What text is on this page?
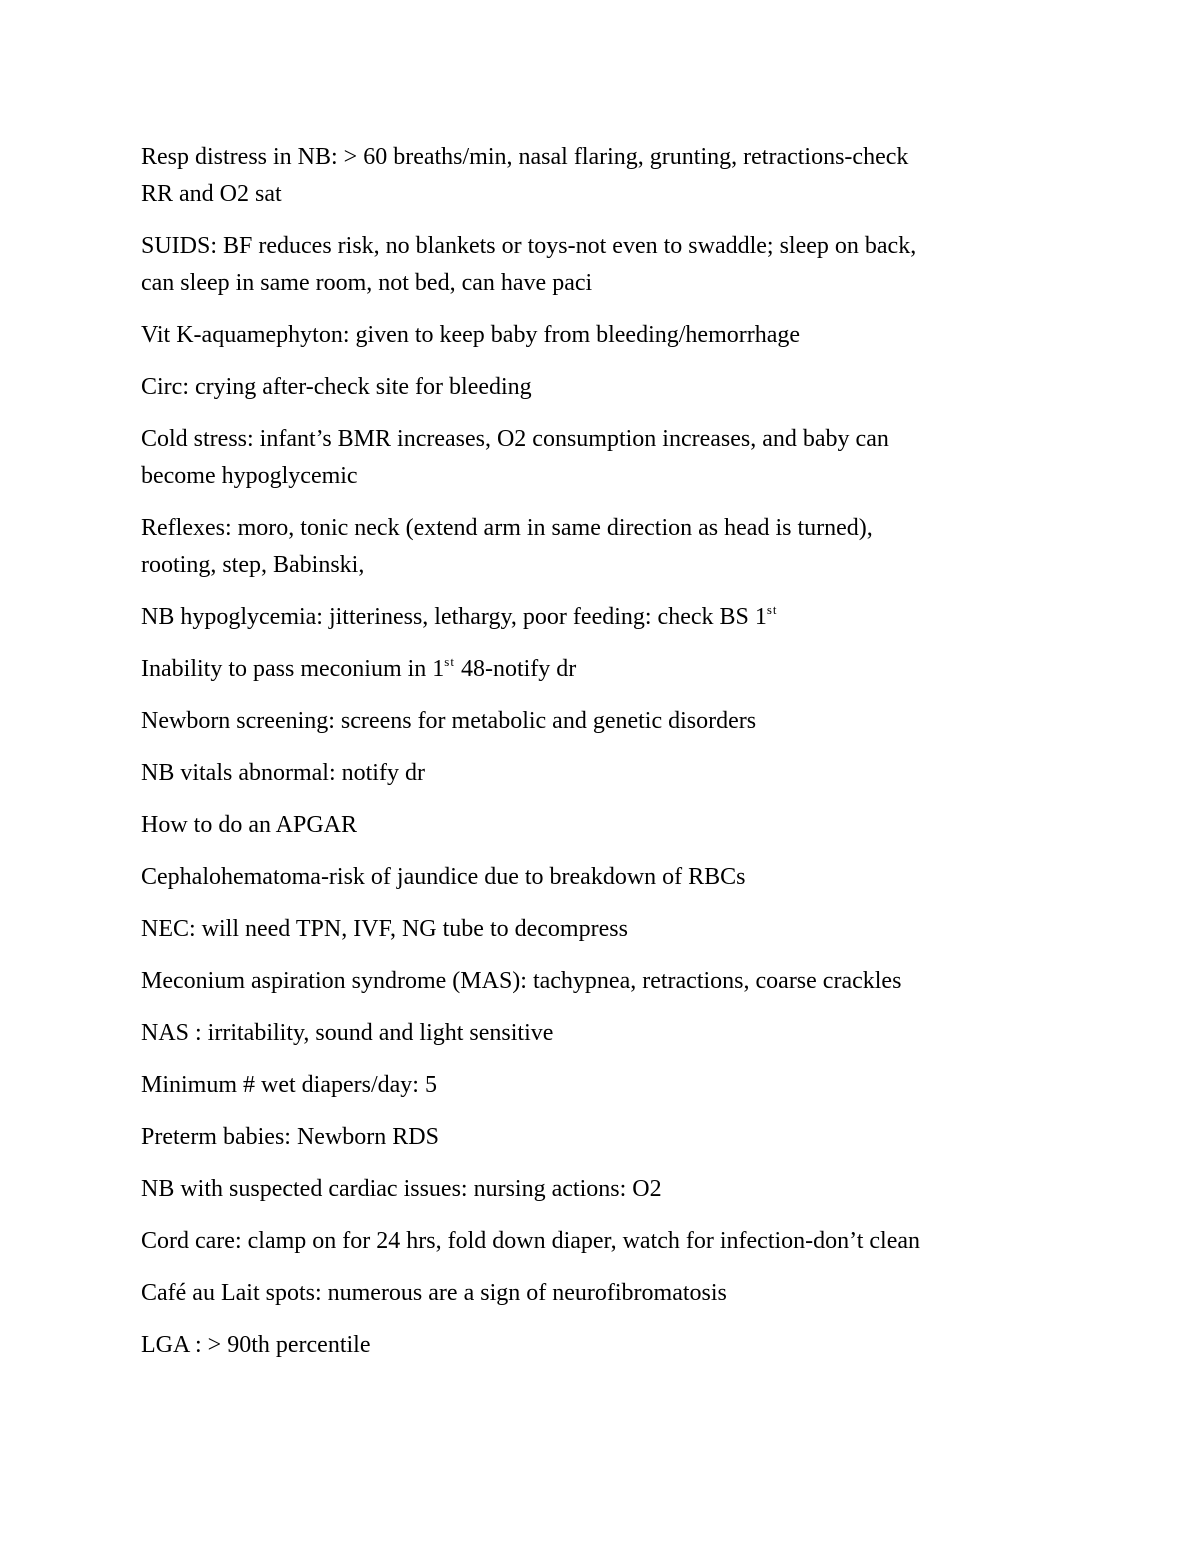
Resp distress in NB: > 60 breaths/min, nasal flaring, grunting, retractions-check
RR and O2 sat

SUIDS: BF reduces risk, no blankets or toys-not even to swaddle; sleep on back,
can sleep in same room, not bed, can have paci

Vit K-aquamephyton: given to keep baby from bleeding/hemorrhage

Circ: crying after-check site for bleeding

Cold stress: infant’s BMR increases, O2 consumption increases, and baby can
become hypoglycemic

Reflexes: moro, tonic neck (extend arm in same direction as head is turned),
rooting, step, Babinski,

NB hypoglycemia: jitteriness, lethargy, poor feeding: check BS 1st

Inability to pass meconium in 1st 48-notify dr

Newborn screening: screens for metabolic and genetic disorders

NB vitals abnormal: notify dr

How to do an APGAR

Cephalohematoma-risk of jaundice due to breakdown of RBCs

NEC: will need TPN, IVF, NG tube to decompress

Meconium aspiration syndrome (MAS): tachypnea, retractions, coarse crackles

NAS : irritability, sound and light sensitive

Minimum # wet diapers/day: 5

Preterm babies: Newborn RDS

NB with suspected cardiac issues: nursing actions: O2

Cord care: clamp on for 24 hrs, fold down diaper, watch for infection-don’t clean

Café au Lait spots: numerous are a sign of neurofibromatosis

LGA : > 90th percentile
